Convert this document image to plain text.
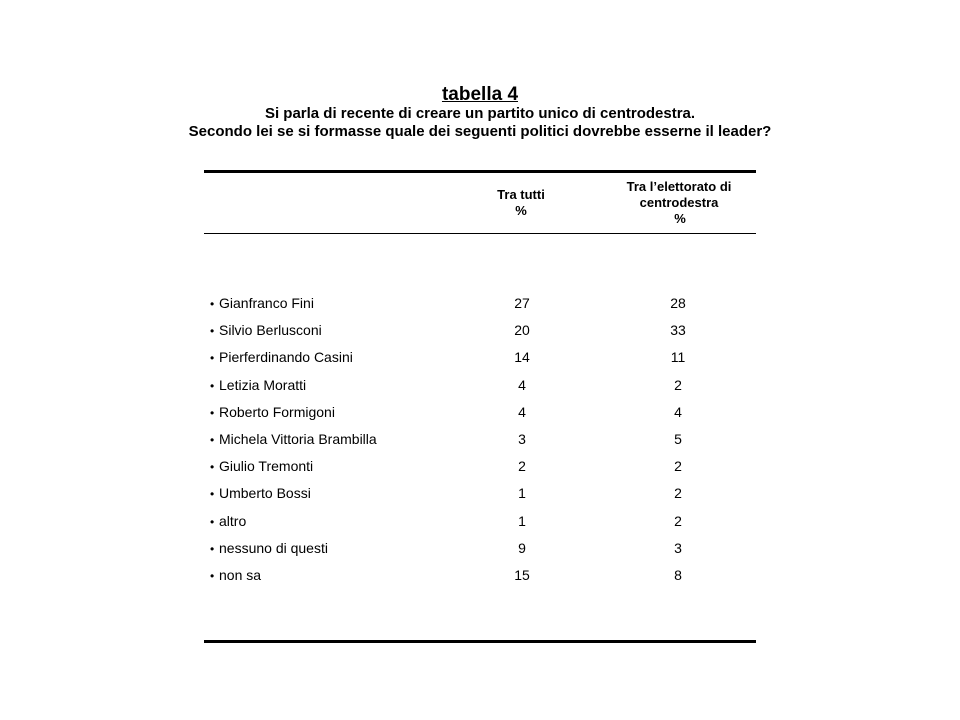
tabella 4
Si parla di recente di creare un partito unico di centrodestra.
Secondo lei se si formasse quale dei seguenti politici dovrebbe esserne il leader?
Tra tutti
%
Tra l’elettorato di
centrodestra
%
• Gianfranco Fini	27	28
• Silvio Berlusconi	20	33
• Pierferdinando Casini	14	11
• Letizia Moratti	4	2
• Roberto Formigoni	4	4
• Michela Vittoria Brambilla	3	5
• Giulio Tremonti	2	2
• Umberto Bossi	1	2
• altro	1	2
• nessuno di questi	9	3
• non sa	15	8
